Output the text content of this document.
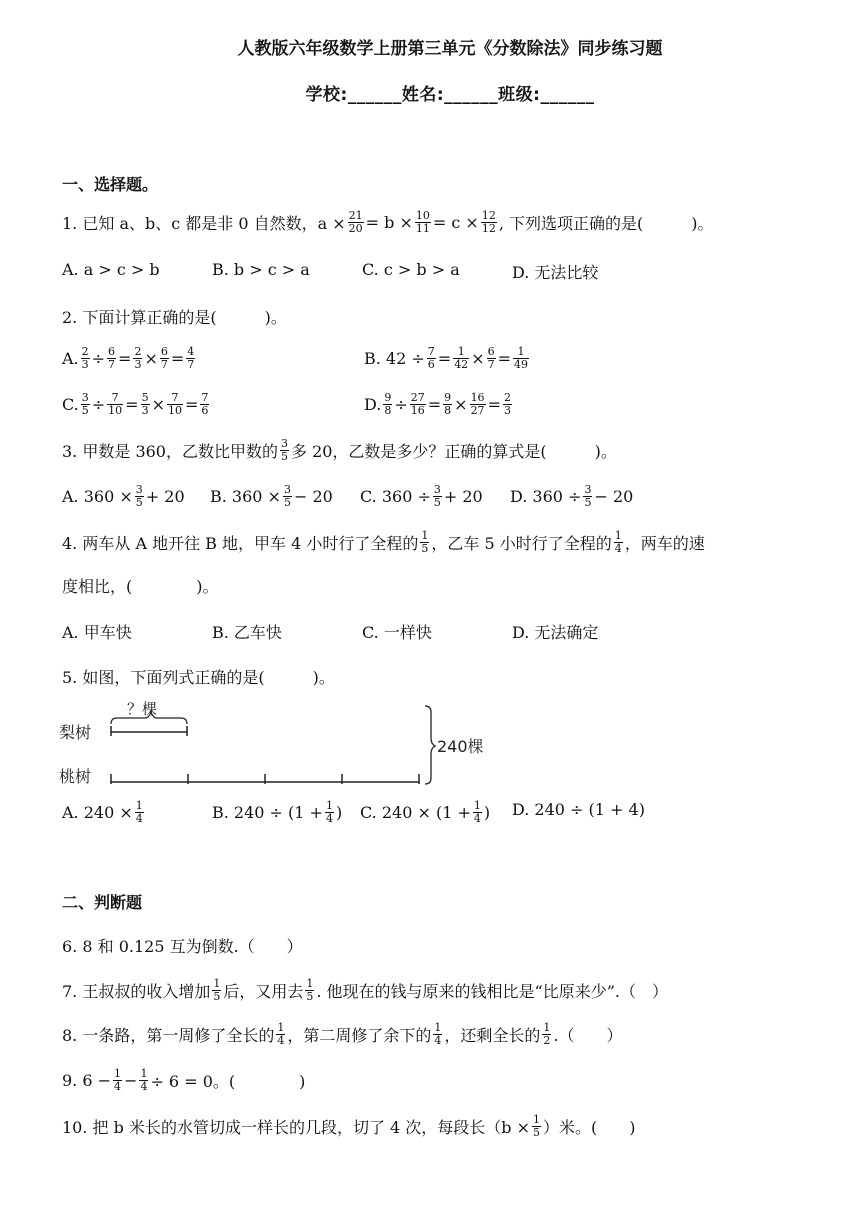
人教版六年级数学上册第三单元《分数除法》同步练习题
学校:______姓名:______班级:______
一、选择题。
1. 已知 a、b、c 都是非 0 自然数，$a \times \frac{21}{20} = b \times \frac{10}{11} = c \times \frac{12}{12}$ , 下列选项正确的是(　　　)。
A. a > c > b	B. b > c > a	C. c > b > a	D. 无法比较
2. 下面计算正确的是(　　　)。
A. $\frac{2}{3} \div \frac{6}{7} = \frac{2}{3} \times \frac{6}{7} = \frac{4}{7}$	B. $42 \div \frac{7}{6} = \frac{1}{42} \times \frac{6}{7} = \frac{1}{49}$
C. $\frac{3}{5} \div \frac{7}{10} = \frac{5}{3} \times \frac{7}{10} = \frac{7}{6}$	D. $\frac{9}{8} \div \frac{27}{16} = \frac{9}{8} \times \frac{16}{27} = \frac{2}{3}$
3. 甲数是 360，乙数比甲数的 $\frac{3}{5}$ 多 20，乙数是多少？正确的算式是(　　　)。
A. $360 \times \frac{3}{5} + 20$ B. $360 \times \frac{3}{5} - 20$ C. $360 \div \frac{3}{5} + 20$ D. $360 \div \frac{3}{5} - 20$
4. 两车从 A 地开往 B 地，甲车 4 小时行了全程的 $\frac{1}{5}$ ，乙车 5 小时行了全程的 $\frac{1}{4}$ ，两车的速
度相比，(　　　　)。
A. 甲车快	B. 乙车快	C. 一样快	D. 无法确定
5. 如图，下面列式正确的是(　　　)。
梨树
？棵
桃树
240棵
A. $240 \times \frac{1}{4}$	B. $240 \div (1 + \frac{1}{4}$ ) C. $240 \times (1 + \frac{1}{4}$ ) D. 240 ÷ (1 + 4)
二、判断题
6. 8 和 0.125 互为倒数.（　　）
7. 王叔叔的收入增加 $\frac{1}{5}$ 后，又用去 $\frac{1}{5}$ . 他现在的钱与原来的钱相比是“比原来少”.（　）
8. 一条路，第一周修了全长的 $\frac{1}{4}$ ，第二周修了余下的 $\frac{1}{4}$ ，还剩全长的 $\frac{1}{2}$ .（　　）
9. $6 - \frac{1}{4} - \frac{1}{4} \div 6 = 0$。(　　　　)
10. 把 b 米长的水管切成一样长的几段，切了 4 次，每段长（$b \times \frac{1}{5}$ ）米。(　　)
